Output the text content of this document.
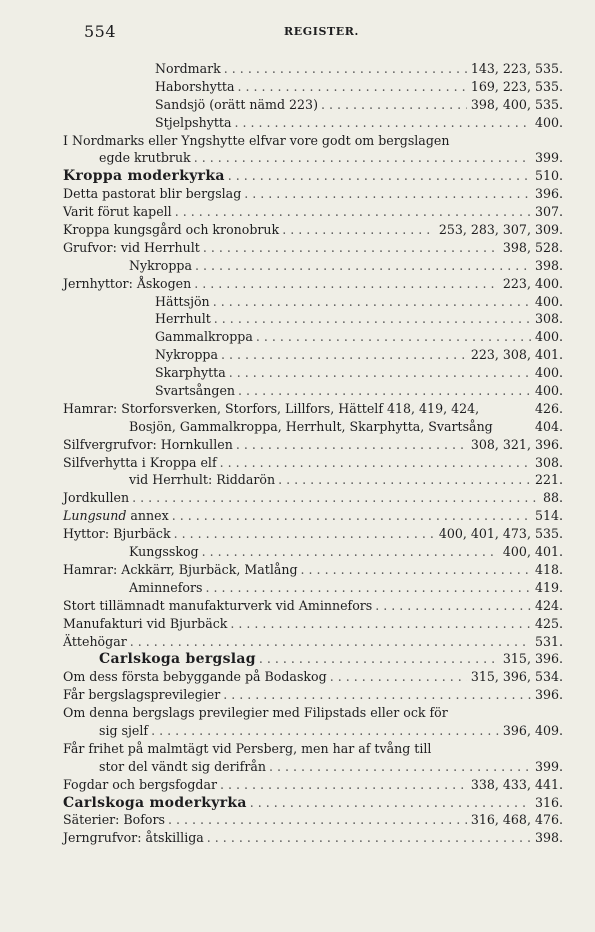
554	REGISTER.
Nordmark . . .	143, 223, 535.
Haborshytta . . .	169, 223, 535.
Sandsjö (orätt nämd 223) . . .	398, 400, 535.
Stjelpshytta . . .	400.
I Nordmarks eller Yngshytte elfvar vore godt om bergslagen
egde krutbruk . . .	399.
Kroppa moderkyrka . . .	510.
Detta pastorat blir bergslag . . .	396.
Varit förut kapell . . .	307.
Kroppa kungsgård och kronobruk . . .	253, 283, 307, 309.
Grufvor: vid Herrhult . . .	398, 528.
Nykroppa . . .	398.
Jernhyttor: Åskogen . . .	223, 400.
Hättsjön . . .	400.
Herrhult . . .	308.
Gammalkroppa . . .	400.
Nykroppa . . .	223, 308, 401.
Skarphytta . . .	400.
Svartsången . . .	400.
Hamrar: Storforsverken, Storfors, Lillfors, Hättelf 418, 419, 424,	426.
Bosjön, Gammalkroppa, Herrhult, Skarphytta, Svartsång	404.
Silfvergrufvor: Hornkullen . . .	308, 321, 396.
Silfverhytta i Kroppa elf . . .	308.
vid Herrhult: Riddarön . . .	221.
Jordkullen . . .	88.
Lungsund annex . . .	514.
Hyttor: Bjurbäck . . .	400, 401, 473, 535.
Kungsskog . . .	400, 401.
Hamrar: Ackkärr, Bjurbäck, Matlång . . .	418.
Aminnefors . . .	419.
Stort tillämnadt manufakturverk vid Aminnefors . . .	424.
Manufakturi vid Bjurbäck . . .	425.
Ättehögar . . .	531.
Carlskoga bergslag . . .	315, 396.
Om dess första bebyggande på Bodaskog . . .	315, 396, 534.
Får bergslagsprevilegier . . .	396.
Om denna bergslags previlegier med Filipstads eller ock för
sig sjelf . . .	396, 409.
Får frihet på malmtägt vid Persberg, men har af tvång till
stor del vändt sig derifrån . . .	399.
Fogdar och bergsfogdar . . .	338, 433, 441.
Carlskoga moderkyrka . . .	316.
Säterier: Bofors . . .	316, 468, 476.
Jerngrufvor: åtskilliga . . .	398.
